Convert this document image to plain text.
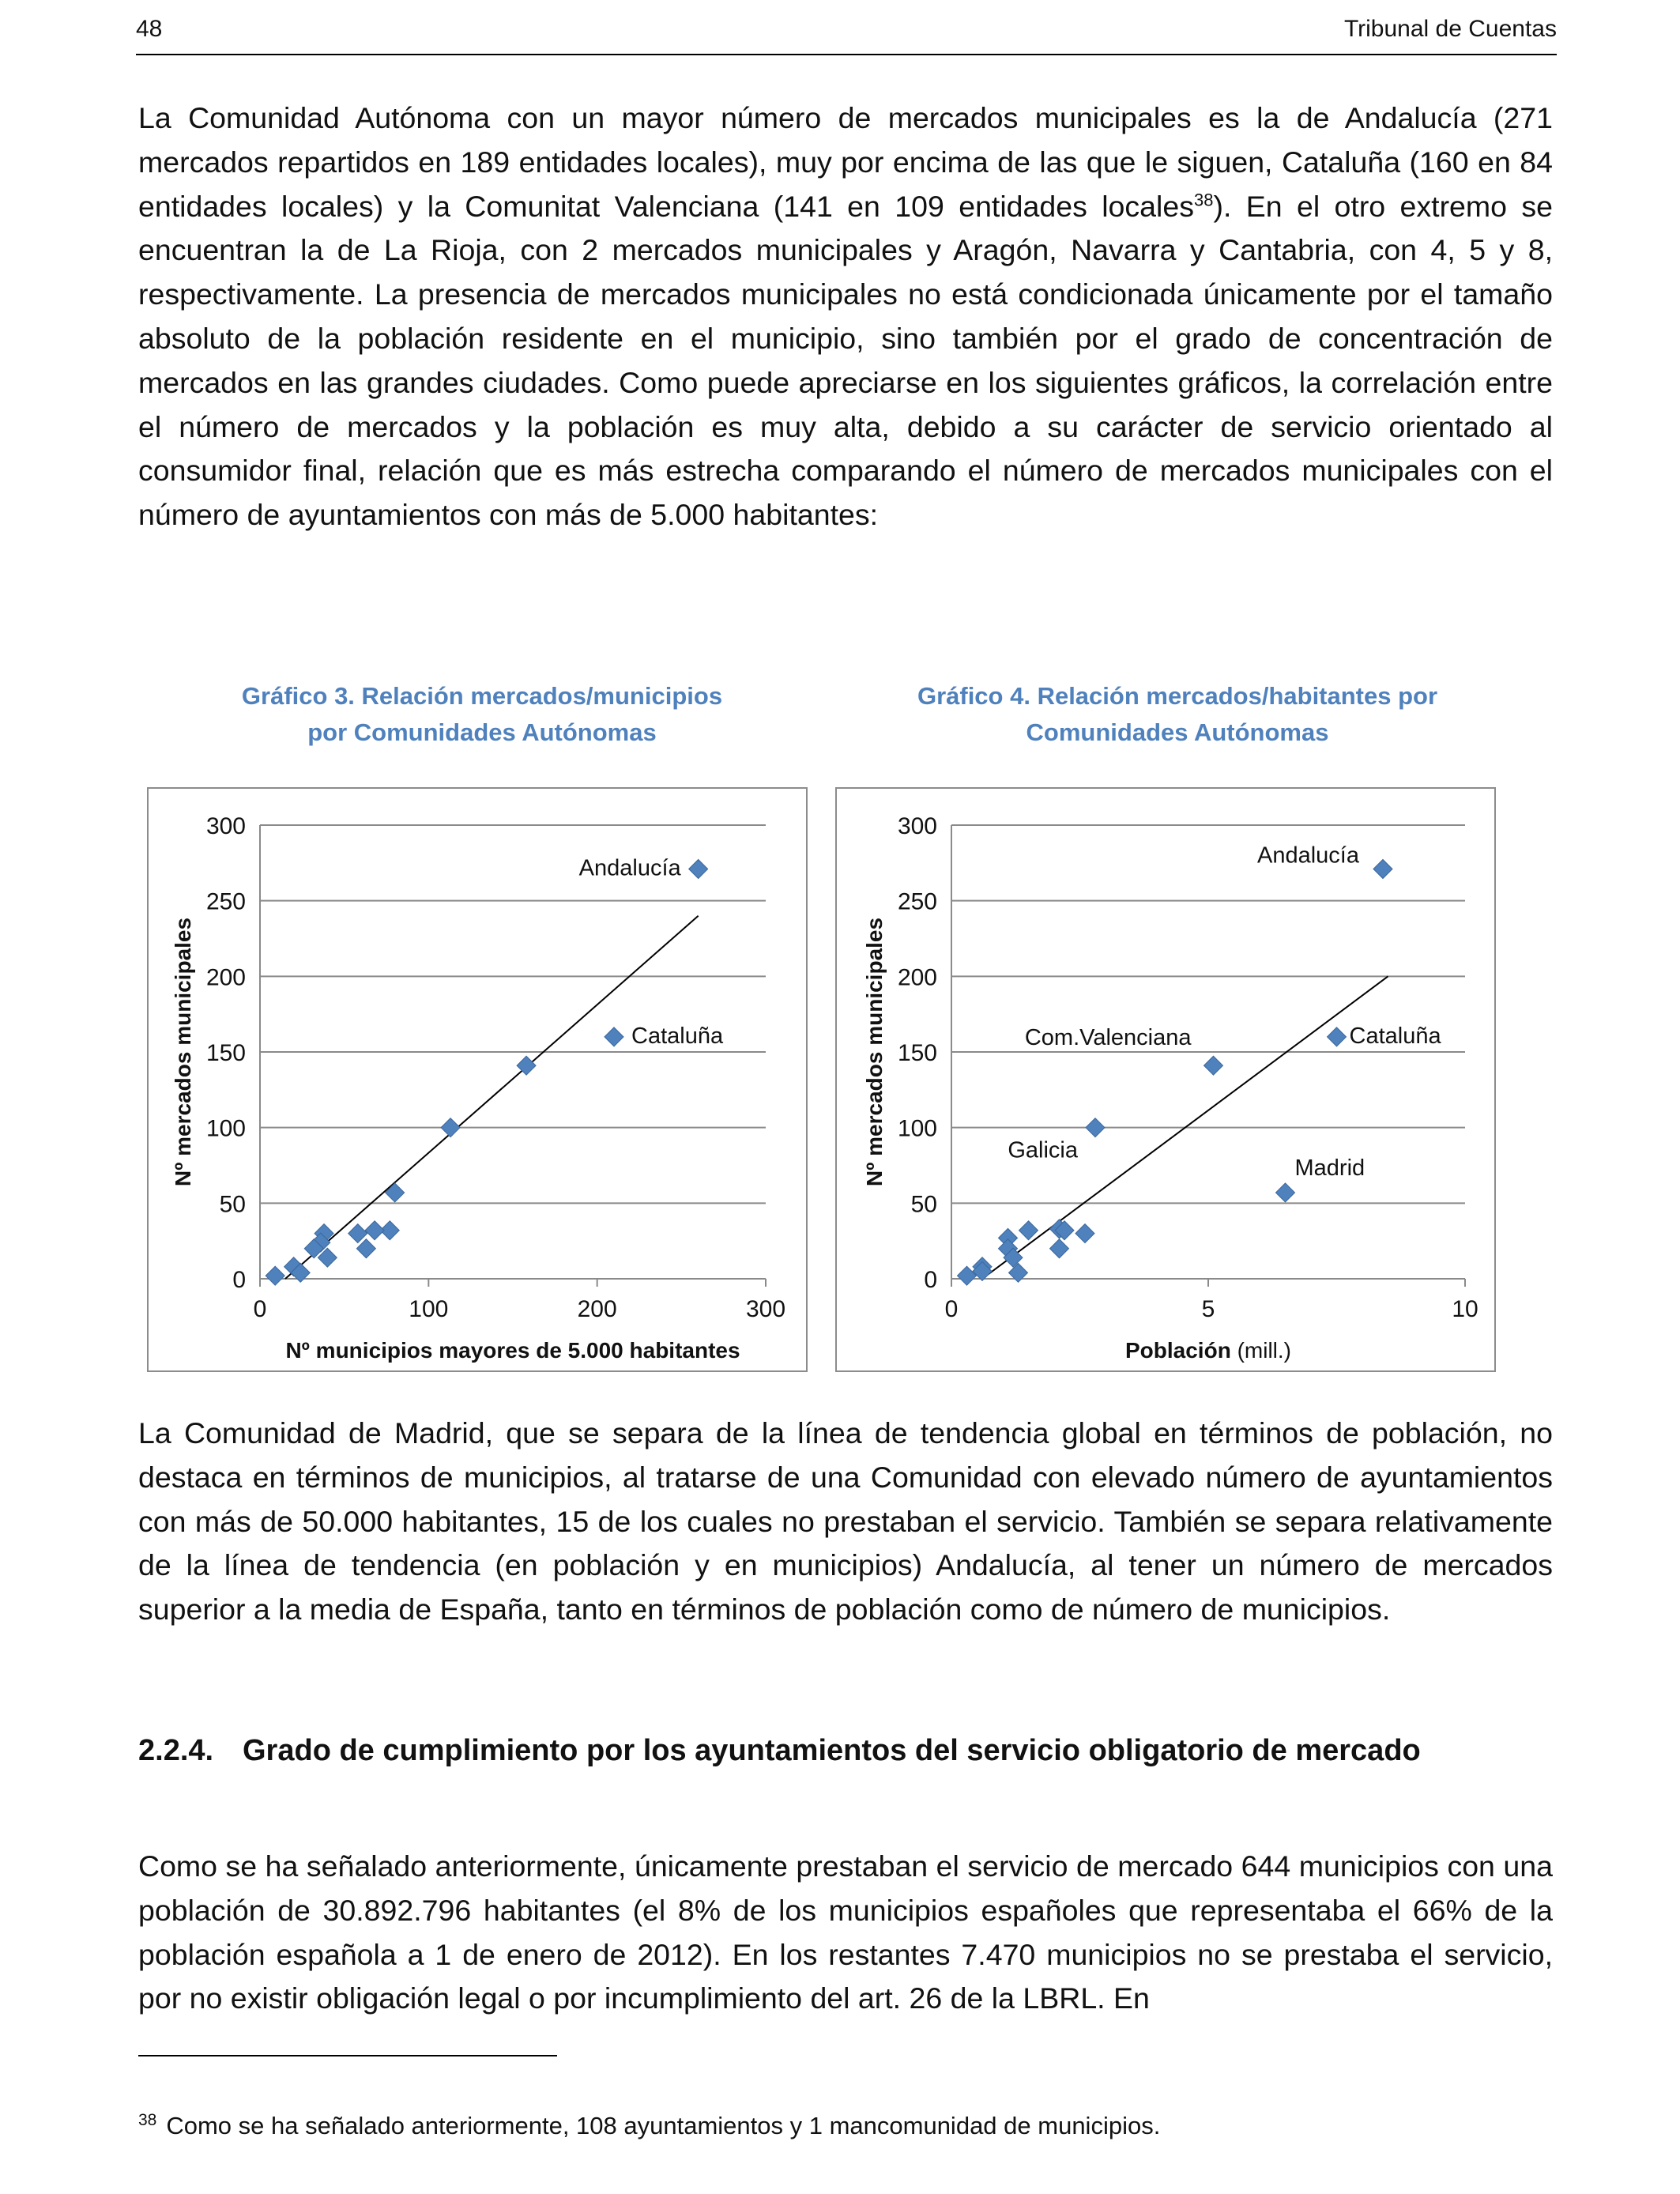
48	Tribunal de Cuentas

La Comunidad Autónoma con un mayor número de mercados municipales es la de Andalucía (271 mercados repartidos en 189 entidades locales), muy por encima de las que le siguen, Cataluña (160 en 84 entidades locales) y la Comunitat Valenciana (141 en 109 entidades locales$^{38}$). En el otro extremo se encuentran la de La Rioja, con 2 mercados municipales y Aragón, Navarra y Cantabria, con 4, 5 y 8, respectivamente. La presencia de mercados municipales no está condicionada únicamente por el tamaño absoluto de la población residente en el municipio, sino también por el grado de concentración de mercados en las grandes ciudades. Como puede apreciarse en los siguientes gráficos, la correlación entre el número de mercados y la población es muy alta, debido a su carácter de servicio orientado al consumidor final, relación que es más estrecha comparando el número de mercados municipales con el número de ayuntamientos con más de 5.000 habitantes:

Gráfico 3. Relación mercados/municipios
por Comunidades Autónomas
Gráfico 4. Relación mercados/habitantes por
Comunidades Autónomas
0
50
100
150
200
250
300
0	100	200	300
Nº municipios mayores de 5.000 habitantes
Nº mercados municipales
Andalucía
Cataluña
0
50
100
150
200
250
300
0	5	10
Población (mill.)
Nº mercados municipales
Andalucía
Cataluña
Com.Valenciana
Galicia
Madrid

La Comunidad de Madrid, que se separa de la línea de tendencia global en términos de población, no destaca en términos de municipios, al tratarse de una Comunidad con elevado número de ayuntamientos con más de 50.000 habitantes, 15 de los cuales no prestaban el servicio. También se separa relativamente de la línea de tendencia (en población y en municipios) Andalucía, al tener un número de mercados superior a la media de España, tanto en términos de población como de número de municipios.

2.2.4. Grado de cumplimiento por los ayuntamientos del servicio obligatorio de mercado

Como se ha señalado anteriormente, únicamente prestaban el servicio de mercado 644 municipios con una población de 30.892.796 habitantes (el 8% de los municipios españoles que representaba el 66% de la población española a 1 de enero de 2012). En los restantes 7.470 municipios no se prestaba el servicio, por no existir obligación legal o por incumplimiento del art. 26 de la LBRL. En

$^{38}$ Como se ha señalado anteriormente, 108 ayuntamientos y 1 mancomunidad de municipios.
